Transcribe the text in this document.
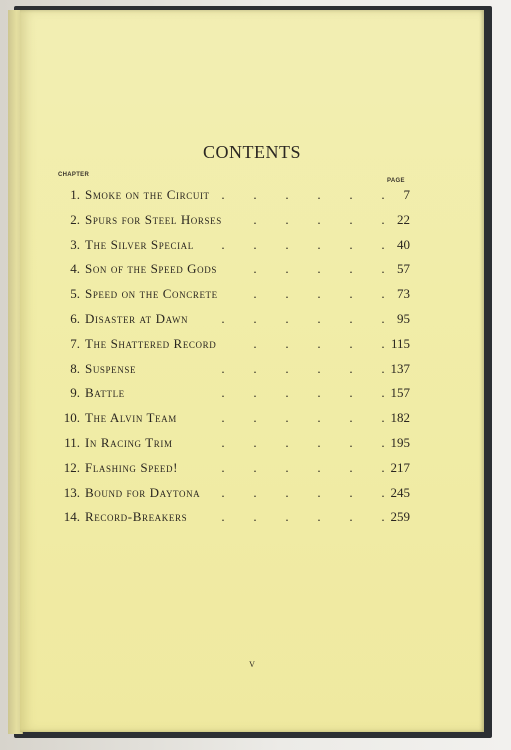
CONTENTS
CHAPTER
PAGE
1. Smoke on the Circuit . . . . . .	7
2. Spurs for Steel Horses . . . . . 22
3. The Silver Special . . . . . . 40
4. Son of the Speed Gods	. . . . . 57
5. Speed on the Concrete	. . . . . 73
6. Disaster at Dawn	. . . . . . 95
7. The Shattered Record	. . . . . 115
8. Suspense	. . . . . . 137
9. Battle	. . . . . . 157
10. The Alvin Team	. . . . . . 182
11. In Racing Trim	. . . . . . 195
12. Flashing Speed!	. . . . . . 217
13. Bound for Daytona . . . . . . 245
14. Record-Breakers	. . . . . . 259
v
